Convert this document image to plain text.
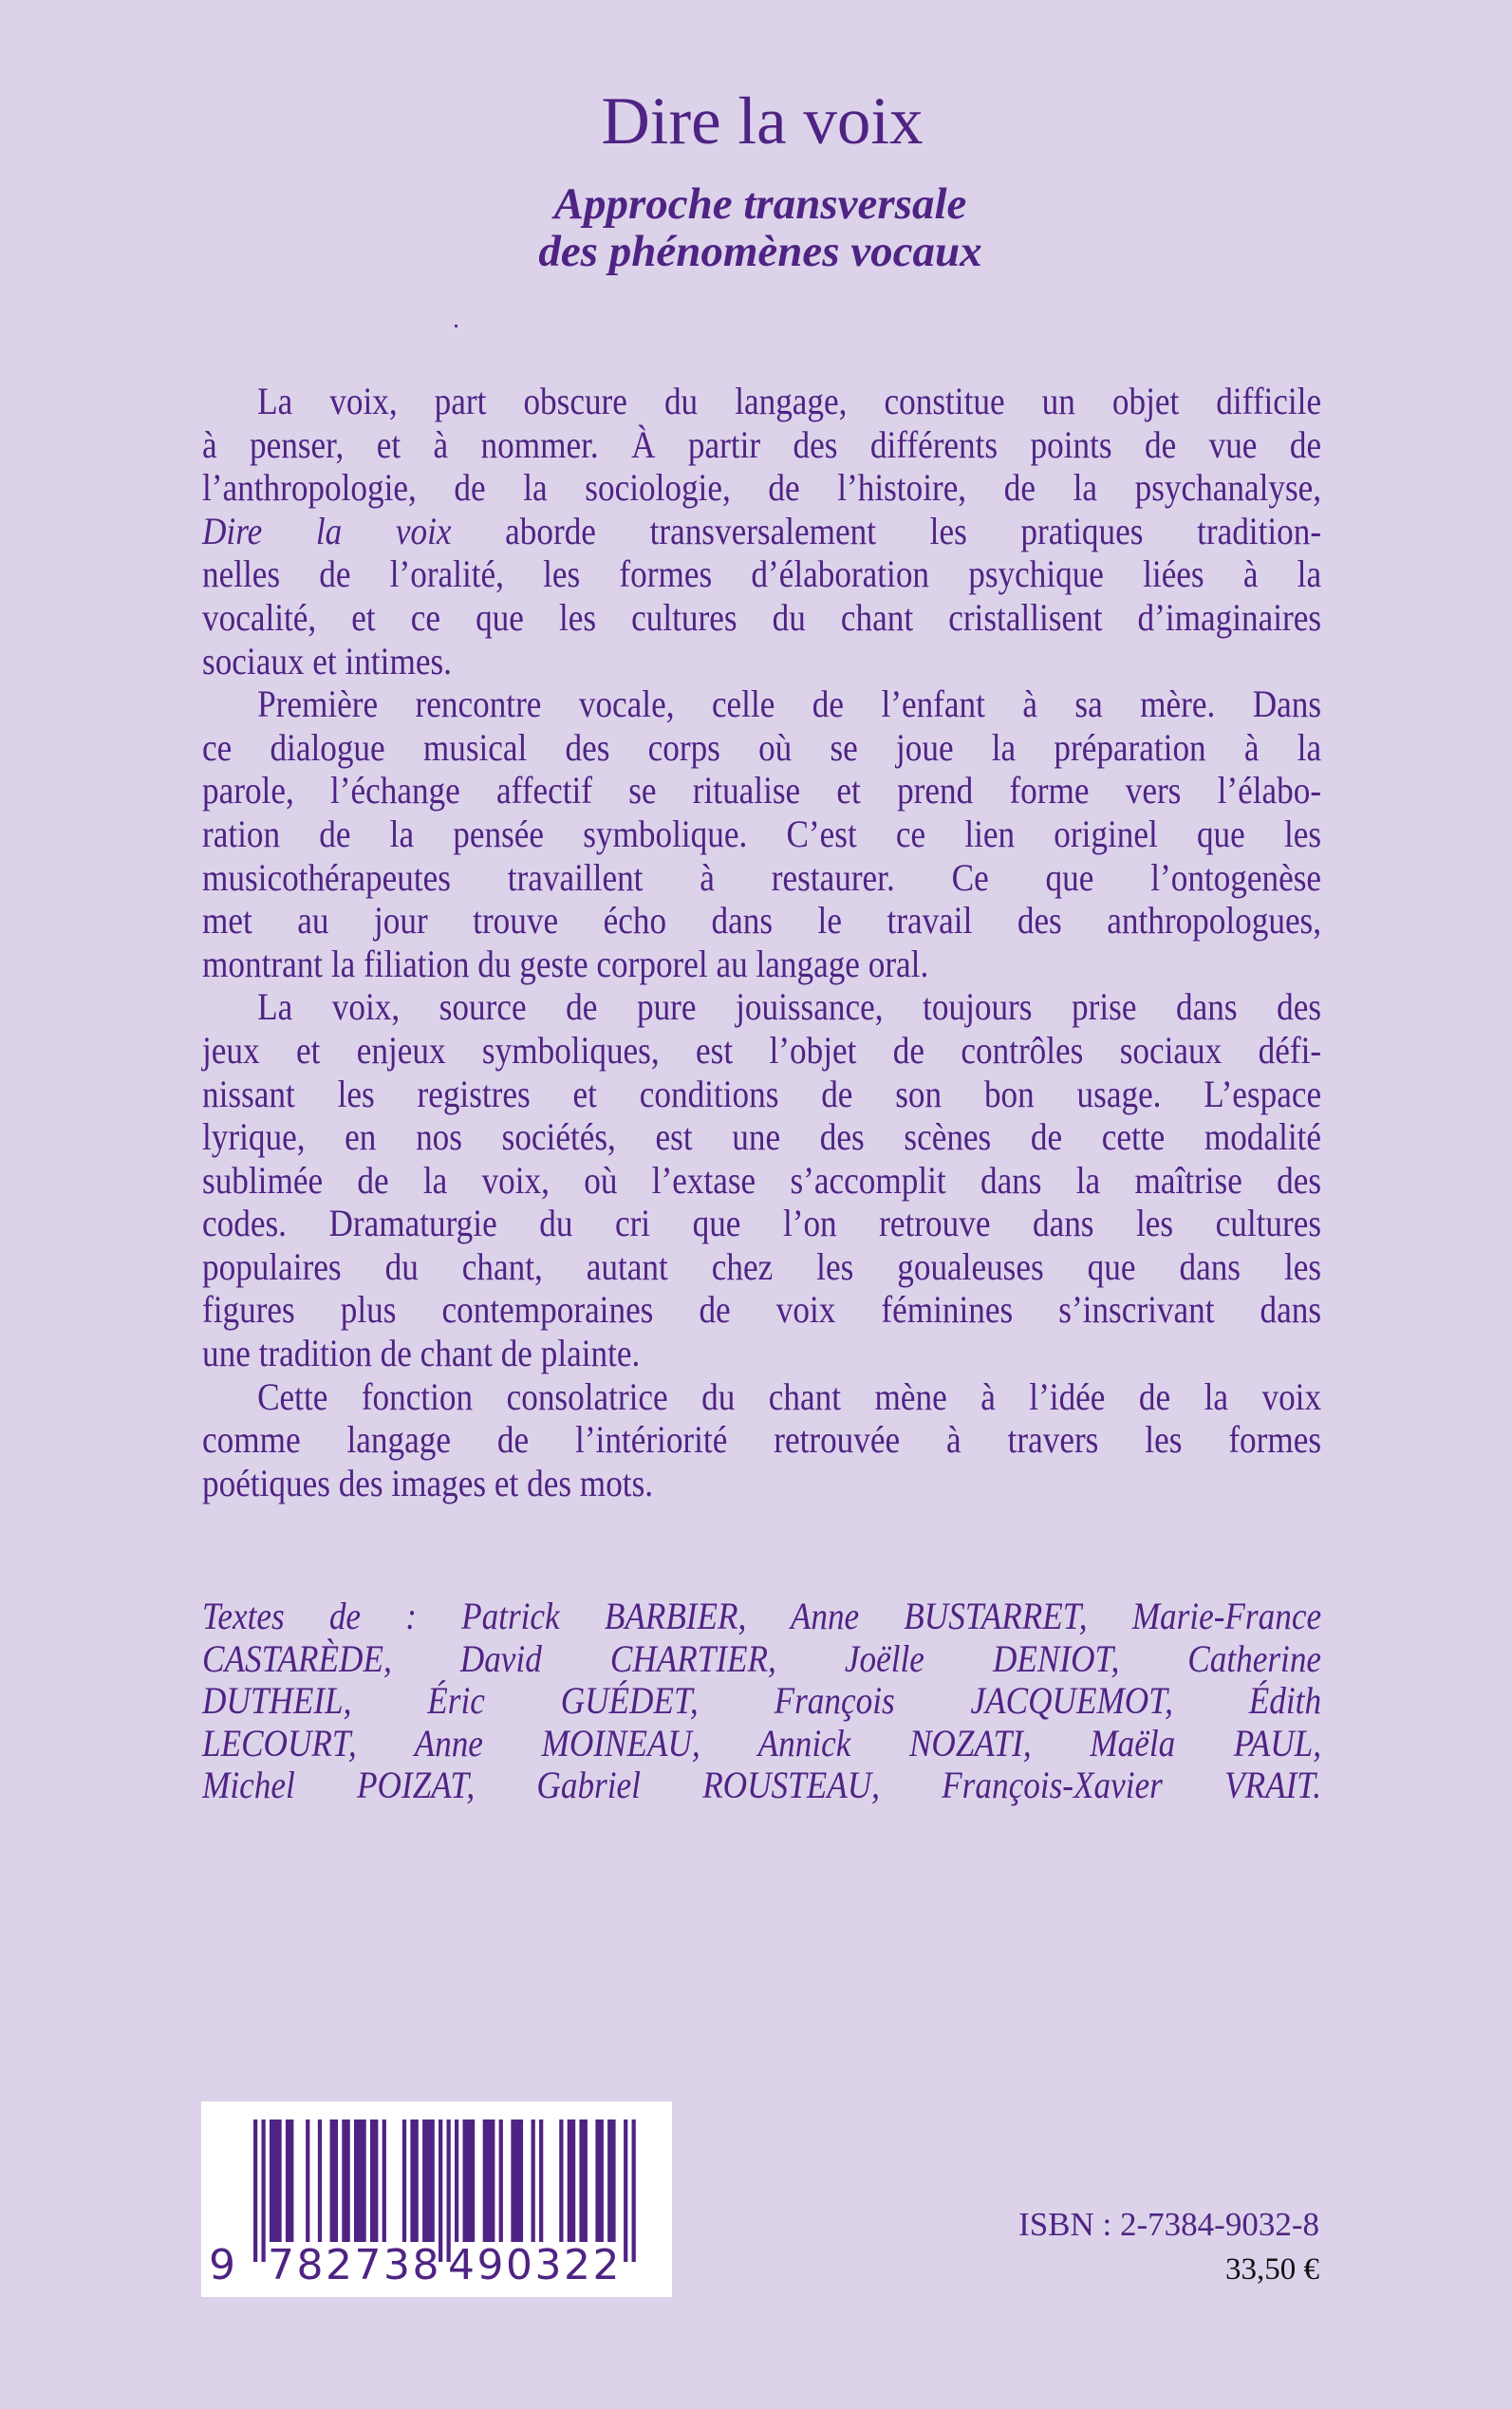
Dire la voix
Approche transversale
des phénomènes vocaux
La voix, part obscure du langage, constitue un objet difficile
à penser, et à nommer. À partir des différents points de vue de
l’anthropologie, de la sociologie, de l’histoire, de la psychanalyse,
Dire la voix aborde transversalement les pratiques tradition-
nelles de l’oralité, les formes d’élaboration psychique liées à la
vocalité, et ce que les cultures du chant cristallisent d’imaginaires
sociaux et intimes.
Première rencontre vocale, celle de l’enfant à sa mère. Dans
ce dialogue musical des corps où se joue la préparation à la
parole, l’échange affectif se ritualise et prend forme vers l’élabo-
ration de la pensée symbolique. C’est ce lien originel que les
musicothérapeutes travaillent à restaurer. Ce que l’ontogenèse
met au jour trouve écho dans le travail des anthropologues,
montrant la filiation du geste corporel au langage oral.
La voix, source de pure jouissance, toujours prise dans des
jeux et enjeux symboliques, est l’objet de contrôles sociaux défi-
nissant les registres et conditions de son bon usage. L’espace
lyrique, en nos sociétés, est une des scènes de cette modalité
sublimée de la voix, où l’extase s’accomplit dans la maîtrise des
codes. Dramaturgie du cri que l’on retrouve dans les cultures
populaires du chant, autant chez les goualeuses que dans les
figures plus contemporaines de voix féminines s’inscrivant dans
une tradition de chant de plainte.
Cette fonction consolatrice du chant mène à l’idée de la voix
comme langage de l’intériorité retrouvée à travers les formes
poétiques des images et des mots.
Textes de : Patrick BARBIER, Anne BUSTARRET, Marie-France
CASTARÈDE, David CHARTIER, Joëlle DENIOT, Catherine
DUTHEIL, Éric GUÉDET, François JACQUEMOT, Édith
LECOURT, Anne MOINEAU, Annick NOZATI, Maëla PAUL,
Michel POIZAT, Gabriel ROUSTEAU, François-Xavier VRAIT.
9 782738 490322
ISBN : 2-7384-9032-8
33,50 €
